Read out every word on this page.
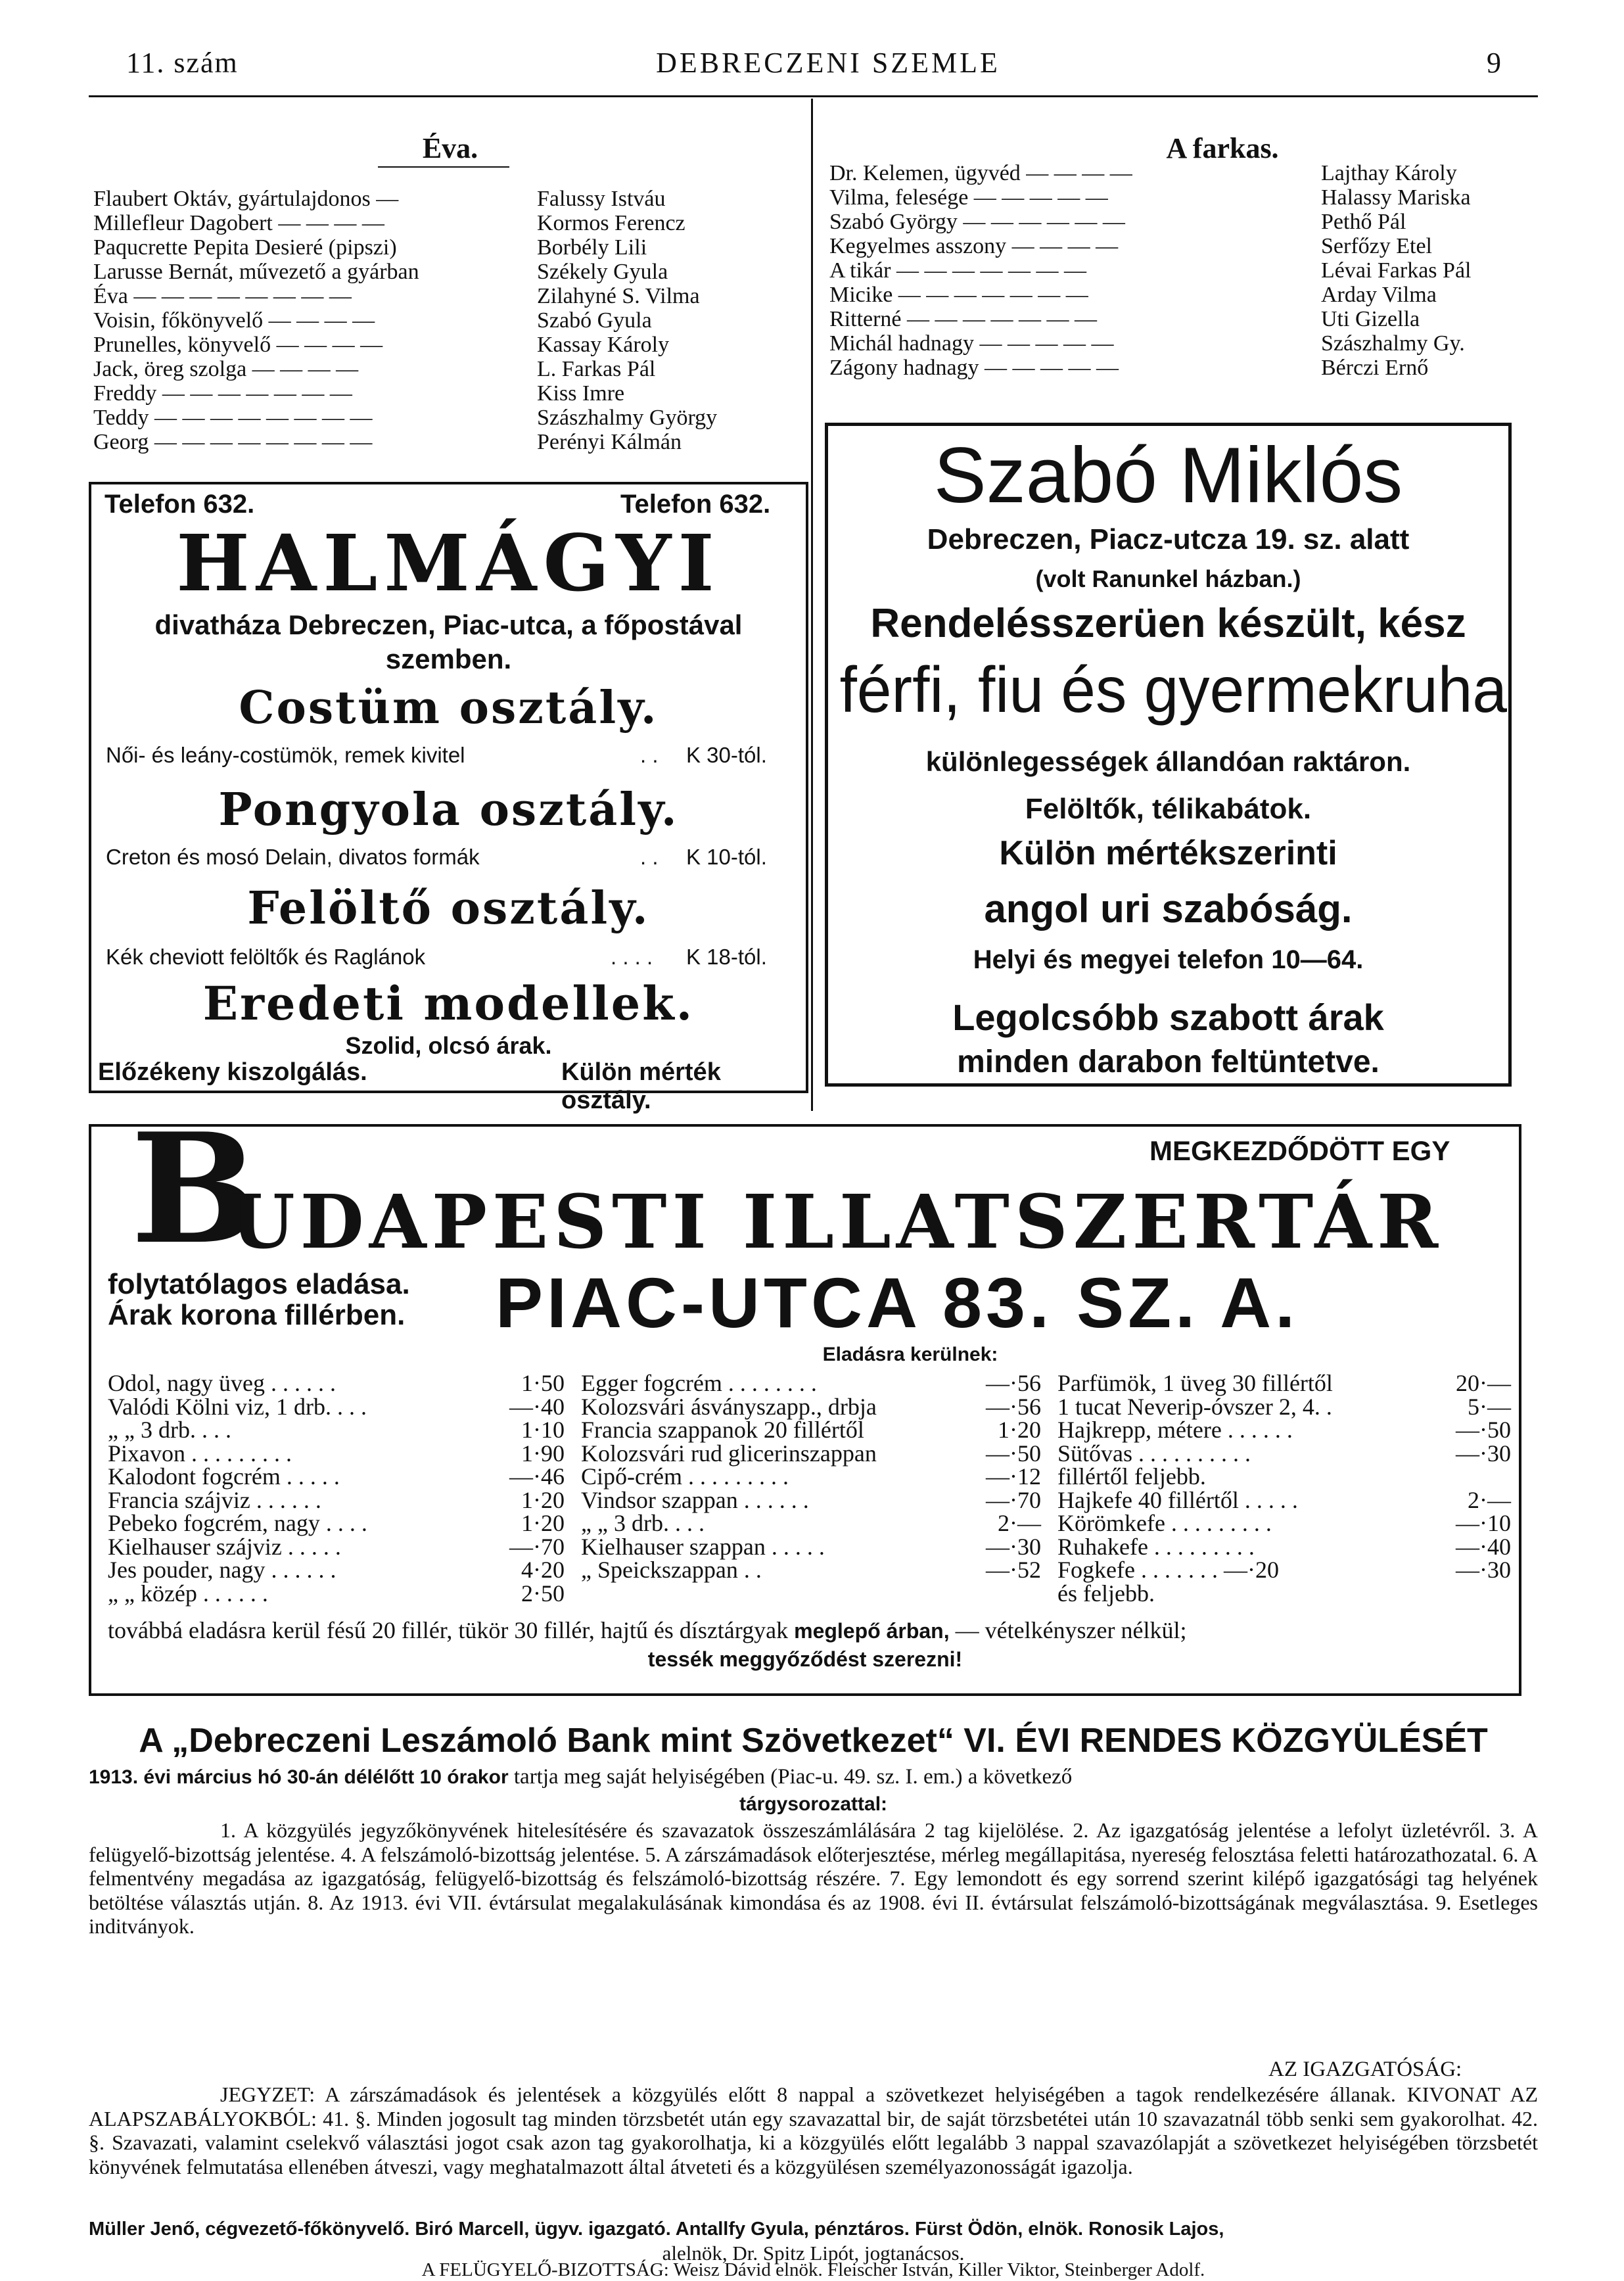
11. szám	DEBRECZENI SZEMLE	9
Éva.
Flaubert Oktáv, gyártulajdonos —	Falussy Istváu
Millefleur Dagobert — — — —	Kormos Ferencz
Paqucrette Pepita Desieré (pipszi)	Borbély Lili
Larusse Bernát, művezető a gyárban	Székely Gyula
Éva — — — — — — — —	Zilahyné S. Vilma
Voisin, főkönyvelő — — — —	Szabó Gyula
Prunelles, könyvelő — — — —	Kassay Károly
Jack, öreg szolga — — — —	L. Farkas Pál
Freddy — — — — — — —	Kiss Imre
Teddy — — — — — — — —	Szászhalmy György
Georg — — — — — — — —	Perényi Kálmán
A farkas.
Dr. Kelemen, ügyvéd — — — —	Lajthay Károly
Vilma, felesége — — — — —	Halassy Mariska
Szabó György — — — — — —	Pethő Pál
Kegyelmes asszony — — — —	Serfőzy Etel
A tikár — — — — — — —	Lévai Farkas Pál
Micike — — — — — — —	Arday Vilma
Ritterné — — — — — — —	Uti Gizella
Michál hadnagy — — — — —	Szászhalmy Gy.
Zágony hadnagy — — — — —	Bérczi Ernő
Telefon 632.	Telefon 632.
HALMÁGYI
divatháza Debreczen, Piac-utca, a főpostával
szemben.
Costüm osztály.
Női- és leány-costümök, remek kivitel	. . K 30-tól.
Pongyola osztály.
Creton és mosó Delain, divatos formák	. . K 10-tól.
Felöltő osztály.
Kék cheviott felöltők és Raglánok	. . . . K 18-tól.
Eredeti modellek.
Szolid, olcsó árak.
Előzékeny kiszolgálás.	Külön mérték osztály.
Szabó Miklós
Debreczen, Piacz-utcza 19. sz. alatt
(volt Ranunkel házban.)
Rendelésszerüen készült, kész
férfi, fiu és gyermekruha
különlegességek állandóan raktáron.
Felöltők, télikabátok.
Külön mértékszerinti
angol uri szabóság.
Helyi és megyei telefon 10—64.
Legolcsóbb szabott árak
minden darabon feltüntetve.
MEGKEZDŐDÖTT EGY
B
UDAPESTI ILLATSZERTÁR
folytatólagos eladása.
Árak korona fillérben. PIAC-UTCA 83. SZ. A.
Eladásra kerülnek:
Odol, nagy üveg . . . . . .	1·50
Valódi Kölni viz, 1 drb. . . .	—·40
„ „ 3 drb. . . .	1·10
Pixavon . . . . . . . . .	1·90
Kalodont fogcrém . . . . .	—·46
Francia szájviz . . . . . .	1·20
Pebeko fogcrém, nagy . . . .	1·20
Kielhauser szájviz . . . . .	—·70
Jes pouder, nagy . . . . . .	4·20
„ „ közép . . . . . .	2·50
Egger fogcrém . . . . . . . .	—·56
Kolozsvári ásványszapp., drbja	—·56
Francia szappanok 20 fillértől	1·20
Kolozsvári rud glicerinszappan	—·50
Cipő-crém . . . . . . . . .	—·12
Vindsor szappan . . . . . .	—·70
„ „ 3 drb. . . .	2·—
Kielhauser szappan . . . . .	—·30
„ Speickszappan . .	—·52
Parfümök, 1 üveg 30 fillértől	20·—
1 tucat Neverip-óvszer 2, 4. .	5·—
Hajkrepp, métere . . . . . .	—·50
Sütővas . . . . . . . . . .	—·30
fillértől feljebb.
Hajkefe 40 fillértől . . . . .	2·—
Körömkefe . . . . . . . . .	—·10
Ruhakefe . . . . . . . . .	—·40
Fogkefe . . . . . . . —·20	—·30
és feljebb.
továbbá eladásra kerül fésű 20 fillér, tükör 30 fillér, hajtű és dísztárgyak meglepő árban, — vételkényszer nélkül;
tessék meggyőződést szerezni!
A „Debreczeni Leszámoló Bank mint Szövetkezet“ VI. ÉVI RENDES KÖZGYÜLÉSÉT
1913. évi március hó 30-án délélőtt 10 órakor tartja meg saját helyiségében (Piac-u. 49. sz. I. em.) a következő
tárgysorozattal:
1. A közgyülés jegyzőkönyvének hitelesítésére és szavazatok összeszámlálására 2 tag kijelölése. 2. Az igazgatóság jelentése a lefolyt üzletévről. 3. A felügyelő-bizottság jelentése. 4. A felszámoló-bizottság jelentése. 5. A zárszámadások előterjesztése, mérleg megállapitása, nyereség felosztása feletti határozathozatal. 6. A felmentvény megadása az igazgatóság, felügyelő-bizottság és felszámoló-bizottság részére. 7. Egy lemondott és egy sorrend szerint kilépő igazgatósági tag helyének betöltése választás utján. 8. Az 1913. évi VII. évtársulat megalakulásának kimondása és az 1908. évi II. évtársulat felszámoló-bizottságának megválasztása. 9. Esetleges inditványok.
AZ IGAZGATÓSÁG:
JEGYZET: A zárszámadások és jelentések a közgyülés előtt 8 nappal a szövetkezet helyiségében a tagok rendelkezésére állanak. KIVONAT AZ ALAPSZABÁLYOKBÓL: 41. §. Minden jogosult tag minden törzsbetét után egy szavazattal bir, de saját törzsbetétei után 10 szavazatnál több senki sem gyakorolhat. 42. §. Szavazati, valamint cselekvő választási jogot csak azon tag gyakorolhatja, ki a közgyülés előtt legalább 3 nappal szavazólapját a szövetkezet helyiségében törzsbetét könyvének felmutatása ellenében átveszi, vagy meghatalmazott által átveteti és a közgyülésen személyazonosságát igazolja.
Müller Jenő, cégvezető-főkönyvelő. Biró Marcell, ügyv. igazgató. Antallfy Gyula, pénztáros. Fürst Ödön, elnök. Ronosik Lajos,
alelnök, Dr. Spitz Lipót, jogtanácsos.
A FELÜGYELŐ-BIZOTTSÁG: Weisz Dávid elnök. Fleischer István, Killer Viktor, Steinberger Adolf.
